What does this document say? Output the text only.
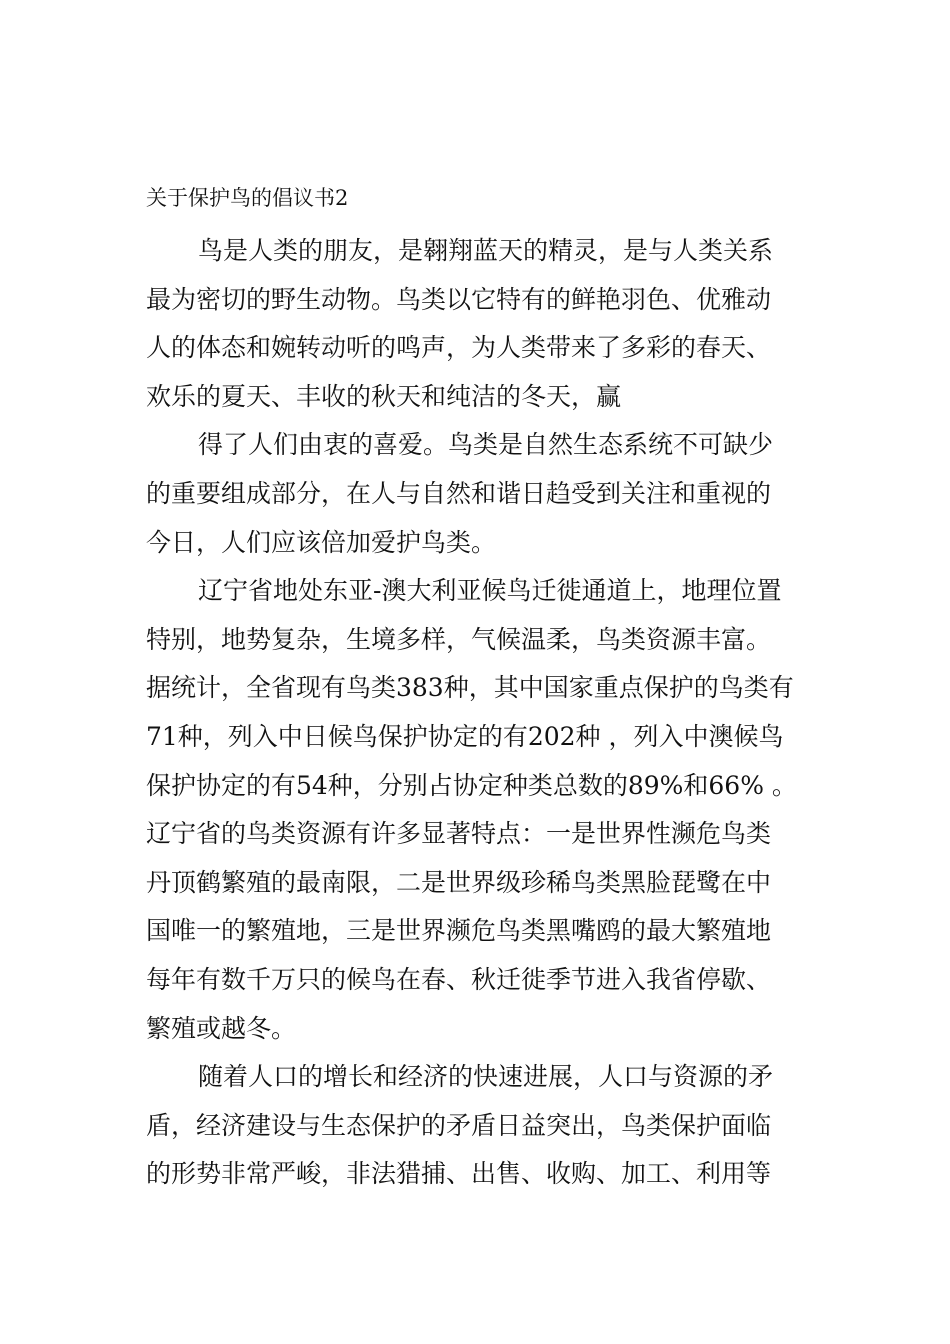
关于保护鸟的倡议书2
鸟是人类的朋友，是翱翔蓝天的精灵，是与人类关系
最为密切的野生动物。鸟类以它特有的鲜艳羽色、优雅动
人的体态和婉转动听的鸣声，为人类带来了多彩的春天、
欢乐的夏天、丰收的秋天和纯洁的冬天，赢
得了人们由衷的喜爱。鸟类是自然生态系统不可缺少
的重要组成部分，在人与自然和谐日趋受到关注和重视的
今日，人们应该倍加爱护鸟类。
辽宁省地处东亚-澳大利亚候鸟迁徙通道上，地理位置
特别，地势复杂，生境多样，气候温柔，鸟类资源丰富。
据统计，全省现有鸟类383种，其中国家重点保护的鸟类有
71种，列入中日候鸟保护协定的有202种 ，列入中澳候鸟
保护协定的有54种，分别占协定种类总数的89%和66% 。
辽宁省的鸟类资源有许多显著特点：一是世界性濒危鸟类
丹顶鹤繁殖的最南限，二是世界级珍稀鸟类黑脸琵鹭在中
国唯一的繁殖地，三是世界濒危鸟类黑嘴鸥的最大繁殖地
每年有数千万只的候鸟在春、秋迁徙季节进入我省停歇、
繁殖或越冬。
随着人口的增长和经济的快速进展，人口与资源的矛
盾，经济建设与生态保护的矛盾日益突出，鸟类保护面临
的形势非常严峻，非法猎捕、出售、收购、加工、利用等
